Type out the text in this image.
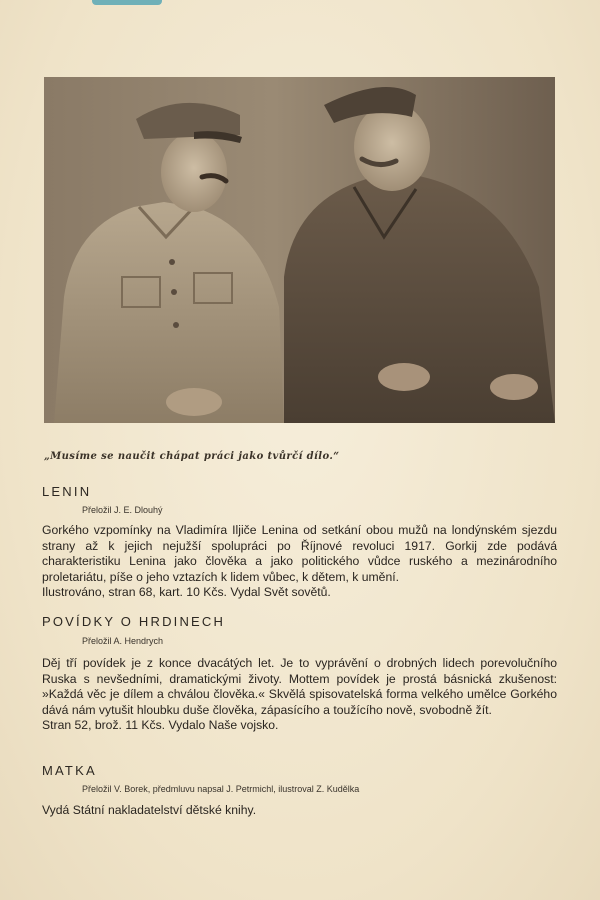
„Musíme se naučit chápat práci jako tvůrčí dílo.“
LENIN
Přeložil J. E. Dlouhý

Gorkého vzpomínky na Vladimíra Iljiče Lenina od setkání obou mužů na londýnském sjezdu strany až k jejich nejužší spolupráci po Říjnové revoluci 1917. Gorkij zde podává charakteristiku Lenina jako člověka a jako politického vůdce ruského a mezinárodního proletariátu, píše o jeho vztazích k lidem vůbec, k dětem, k umění.

Ilustrováno, stran 68, kart. 10 Kčs. Vydal Svět sovětů.

POVÍDKY O HRDINECH
Přeložil A. Hendrych

Děj tří povídek je z konce dvacátých let. Je to vyprávění o drobných lidech porevolučního Ruska s nevšedními, dramatickými životy. Mottem povídek je prostá básnická zkušenost: »Každá věc je dílem a chválou člověka.« Skvělá spisovatelská forma velkého umělce Gorkého dává nám vytušit hloubku duše člověka, zápasícího a toužícího nově, svobodně žít.

Stran 52, brož. 11 Kčs. Vydalo Naše vojsko.

MATKA
Přeložil V. Borek, předmluvu napsal J. Petrmichl, ilustroval Z. Kudělka

Vydá Státní nakladatelství dětské knihy.
